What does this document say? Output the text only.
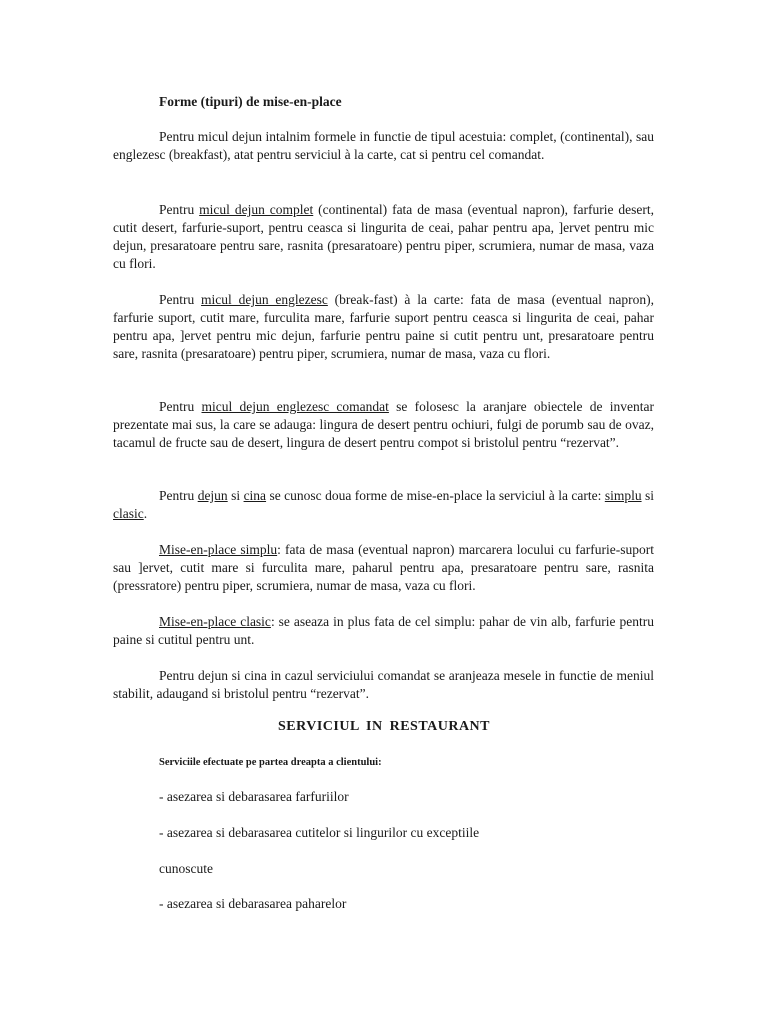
Forme (tipuri) de mise-en-place

Pentru micul dejun intalnim formele in functie de tipul acestuia: complet, (continental), sau englezesc (breakfast), atat pentru serviciul à la carte, cat si pentru cel comandat.

Pentru micul dejun complet (continental) fata de masa (eventual napron), farfurie desert, cutit desert, farfurie-suport, pentru ceasca si lingurita de ceai, pahar pentru apa, ]ervet pentru mic dejun, presaratoare pentru sare, rasnita (presaratoare) pentru piper, scrumiera, numar de masa, vaza cu flori.

Pentru micul dejun englezesc (break-fast) à la carte: fata de masa (eventual napron), farfurie suport, cutit mare, furculita mare, farfurie suport pentru ceasca si lingurita de ceai, pahar pentru apa, ]ervet pentru mic dejun, farfurie pentru paine si cutit pentru unt, presaratoare pentru sare, rasnita (presaratoare) pentru piper, scrumiera, numar de masa, vaza cu flori.

Pentru micul dejun englezesc comandat se folosesc la aranjare obiectele de inventar prezentate mai sus, la care se adauga: lingura de desert pentru ochiuri, fulgi de porumb sau de ovaz, tacamul de fructe sau de desert, lingura de desert pentru compot si bristolul pentru “rezervat”.

Pentru dejun si cina se cunosc doua forme de mise-en-place la serviciul à la carte: simplu si clasic.

Mise-en-place simplu: fata de masa (eventual napron) marcarera locului cu farfurie-suport sau ]ervet, cutit mare si furculita mare, paharul pentru apa, presaratoare pentru sare, rasnita (pressratore) pentru piper, scrumiera, numar de masa, vaza cu flori.

Mise-en-place clasic: se aseaza in plus fata de cel simplu: pahar de vin alb, farfurie pentru paine si cutitul pentru unt.

Pentru dejun si cina in cazul serviciului comandat se aranjeaza mesele in functie de meniul stabilit, adaugand si bristolul pentru “rezervat”.

SERVICIUL IN RESTAURANT
Serviciile efectuate pe partea dreapta a clientului:
- asezarea si debarasarea farfuriilor
- asezarea si debarasarea cutitelor si lingurilor cu exceptiile
cunoscute
- asezarea si debarasarea paharelor
